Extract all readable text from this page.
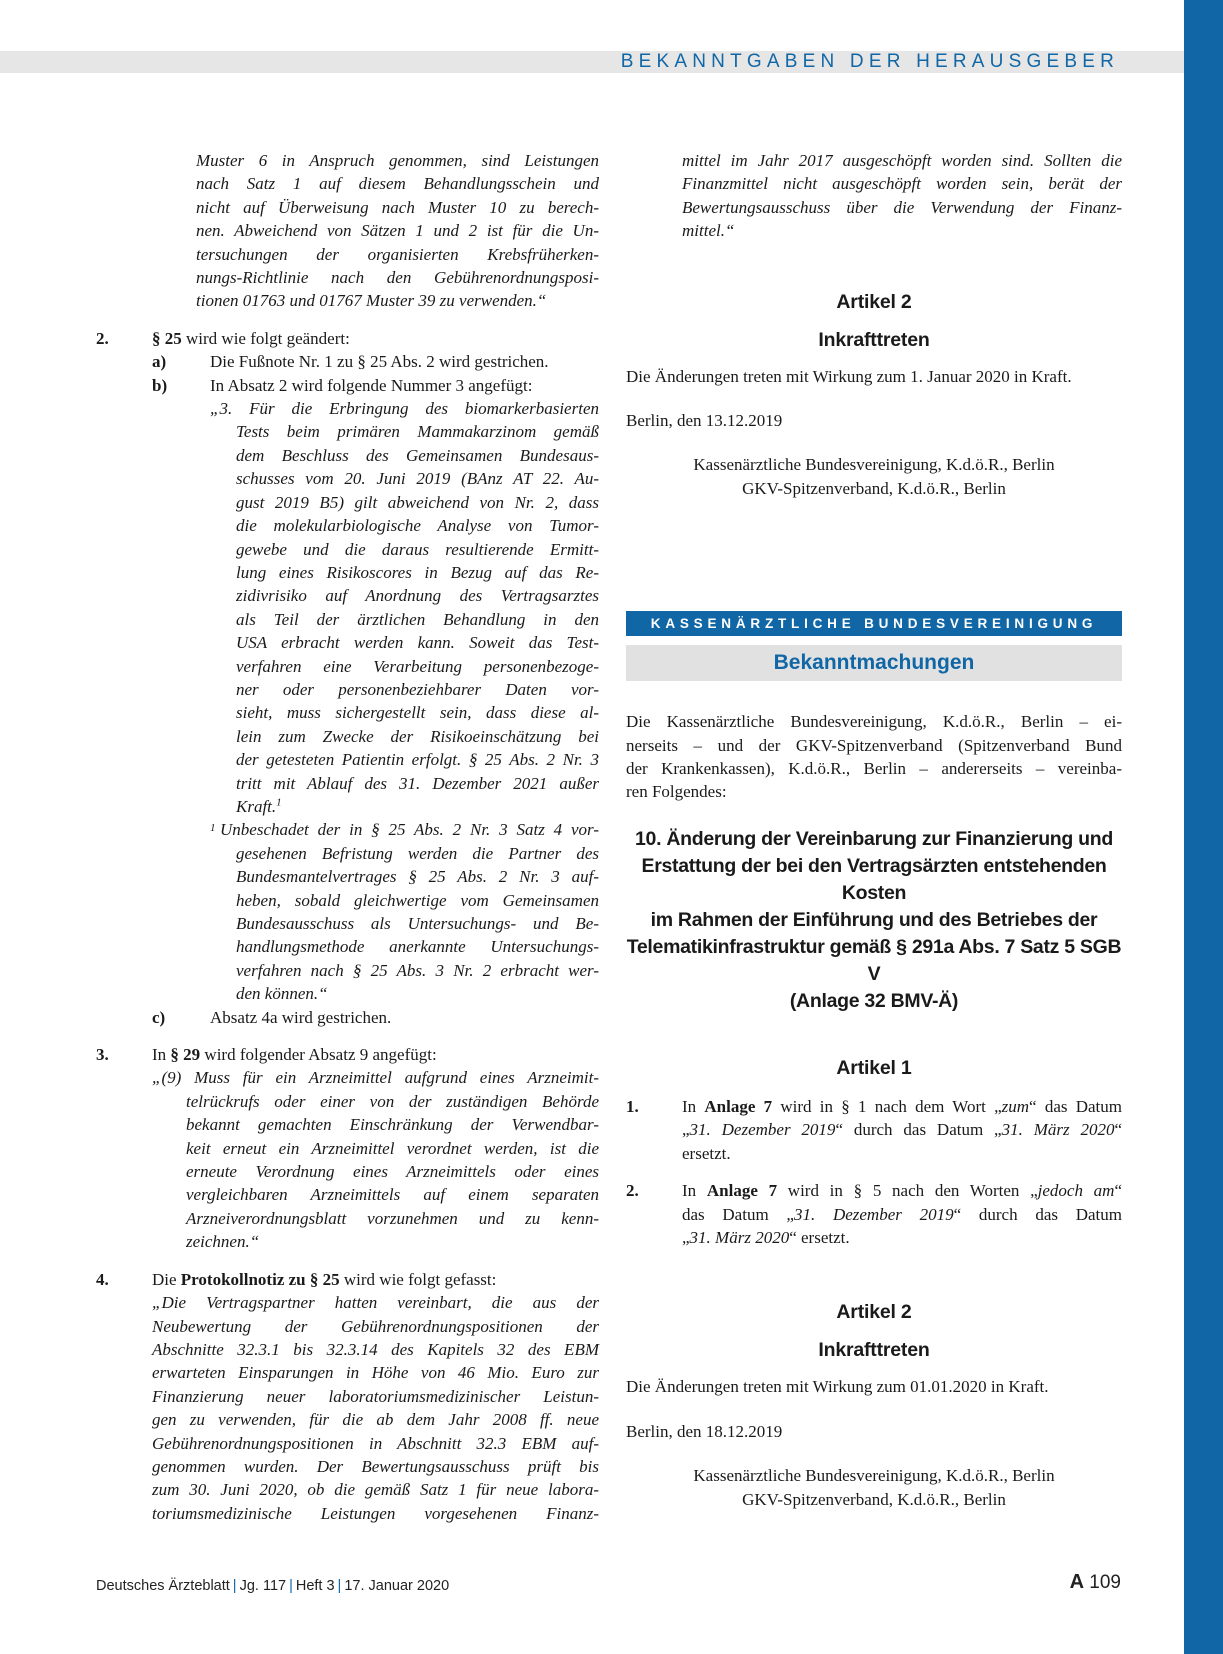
BEKANNTGABEN DER HERAUSGEBER
Muster 6 in Anspruch genommen, sind Leistungen
nach Satz 1 auf diesem Behandlungsschein und
nicht auf Überweisung nach Muster 10 zu berech-
nen. Abweichend von Sätzen 1 und 2 ist für die Un-
tersuchungen der organisierten Krebsfrüherken-
nungs-Richtlinie nach den Gebührenordnungsposi-
tionen 01763 und 01767 Muster 39 zu verwenden.“
2.	§ 25 wird wie folgt geändert:

a)	Die Fußnote Nr. 1 zu § 25 Abs. 2 wird gestrichen.

b)	In Absatz 2 wird folgende Nummer 3 angefügt:

„3. Für die Erbringung des biomarkerbasierten
Tests beim primären Mammakarzinom gemäß
dem Beschluss des Gemeinsamen Bundesaus-
schusses vom 20. Juni 2019 (BAnz AT 22. Au-
gust 2019 B5) gilt abweichend von Nr. 2, dass
die molekularbiologische Analyse von Tumor-
gewebe und die daraus resultierende Ermitt-
lung eines Risikoscores in Bezug auf das Re-
zidivrisiko auf Anordnung des Vertragsarztes
als Teil der ärztlichen Behandlung in den
USA erbracht werden kann. Soweit das Test-
verfahren eine Verarbeitung personenbezoge-
ner oder personenbeziehbarer Daten vor-
sieht, muss sichergestellt sein, dass diese al-
lein zum Zwecke der Risikoeinschätzung bei
der getesteten Patientin erfolgt. § 25 Abs. 2 Nr. 3
tritt mit Ablauf des 31. Dezember 2021 außer
Kraft.$^1$
1 Unbeschadet der in § 25 Abs. 2 Nr. 3 Satz 4 vor-
gesehenen Befristung werden die Partner des
Bundesmantelvertrages § 25 Abs. 2 Nr. 3 auf-
heben, sobald gleichwertige vom Gemeinsamen
Bundesausschuss als Untersuchungs- und Be-
handlungsmethode anerkannte Untersuchungs-
verfahren nach § 25 Abs. 3 Nr. 2 erbracht wer-
den können.“
c)	Absatz 4a wird gestrichen.

3.	In § 29 wird folgender Absatz 9 angefügt:

„(9) Muss für ein Arzneimittel aufgrund eines Arzneimit-
telrückrufs oder einer von der zuständigen Behörde
bekannt gemachten Einschränkung der Verwendbar-
keit erneut ein Arzneimittel verordnet werden, ist die
erneute Verordnung eines Arzneimittels oder eines
vergleichbaren Arzneimittels auf einem separaten
Arzneiverordnungsblatt vorzunehmen und zu kenn-
zeichnen.“
4.	Die Protokollnotiz zu § 25 wird wie folgt gefasst:

„Die Vertragspartner hatten vereinbart, die aus der
Neubewertung der Gebührenordnungspositionen der
Abschnitte 32.3.1 bis 32.3.14 des Kapitels 32 des EBM
erwarteten Einsparungen in Höhe von 46 Mio. Euro zur
Finanzierung neuer laboratoriumsmedizinischer Leistun-
gen zu verwenden, für die ab dem Jahr 2008 ff. neue
Gebührenordnungspositionen in Abschnitt 32.3 EBM auf-
genommen wurden. Der Bewertungsausschuss prüft bis
zum 30. Juni 2020, ob die gemäß Satz 1 für neue labora-
toriumsmedizinische Leistungen vorgesehenen Finanz-
mittel im Jahr 2017 ausgeschöpft worden sind. Sollten die
Finanzmittel nicht ausgeschöpft worden sein, berät der
Bewertungsausschuss über die Verwendung der Finanz-
mittel.“

Artikel 2

Inkrafttreten

Die Änderungen treten mit Wirkung zum 1. Januar 2020 in Kraft.

Berlin, den 13.12.2019

Kassenärztliche Bundesvereinigung, K.d.ö.R., Berlin

GKV-Spitzenverband, K.d.ö.R., Berlin

KASSENÄRZTLICHE BUNDESVEREINIGUNG
Bekanntmachungen
Die Kassenärztliche Bundesvereinigung, K.d.ö.R., Berlin – ei-
nerseits – und der GKV-Spitzenverband (Spitzenverband Bund
der Krankenkassen), K.d.ö.R., Berlin – andererseits – vereinba-
ren Folgendes:
10. Änderung der Vereinbarung zur Finanzierung und
Erstattung der bei den Vertragsärzten entstehenden Kosten
im Rahmen der Einführung und des Betriebes der
Telematikinfrastruktur gemäß § 291a Abs. 7 Satz 5 SGB V
(Anlage 32 BMV-Ä)

Artikel 1

1.	In Anlage 7 wird in § 1 nach dem Wort „zum“ das Datum
„31. Dezember 2019“ durch das Datum „31. März 2020“
ersetzt.
2.	In Anlage 7 wird in § 5 nach den Worten „jedoch am“
das Datum „31. Dezember 2019“ durch das Datum
„31. März 2020“ ersetzt.

Artikel 2

Inkrafttreten

Die Änderungen treten mit Wirkung zum 01.01.2020 in Kraft.

Berlin, den 18.12.2019

Kassenärztliche Bundesvereinigung, K.d.ö.R., Berlin

GKV-Spitzenverband, K.d.ö.R., Berlin

Deutsches Ärzteblatt | Jg. 117 | Heft 3 | 17. Januar 2020	A 109
